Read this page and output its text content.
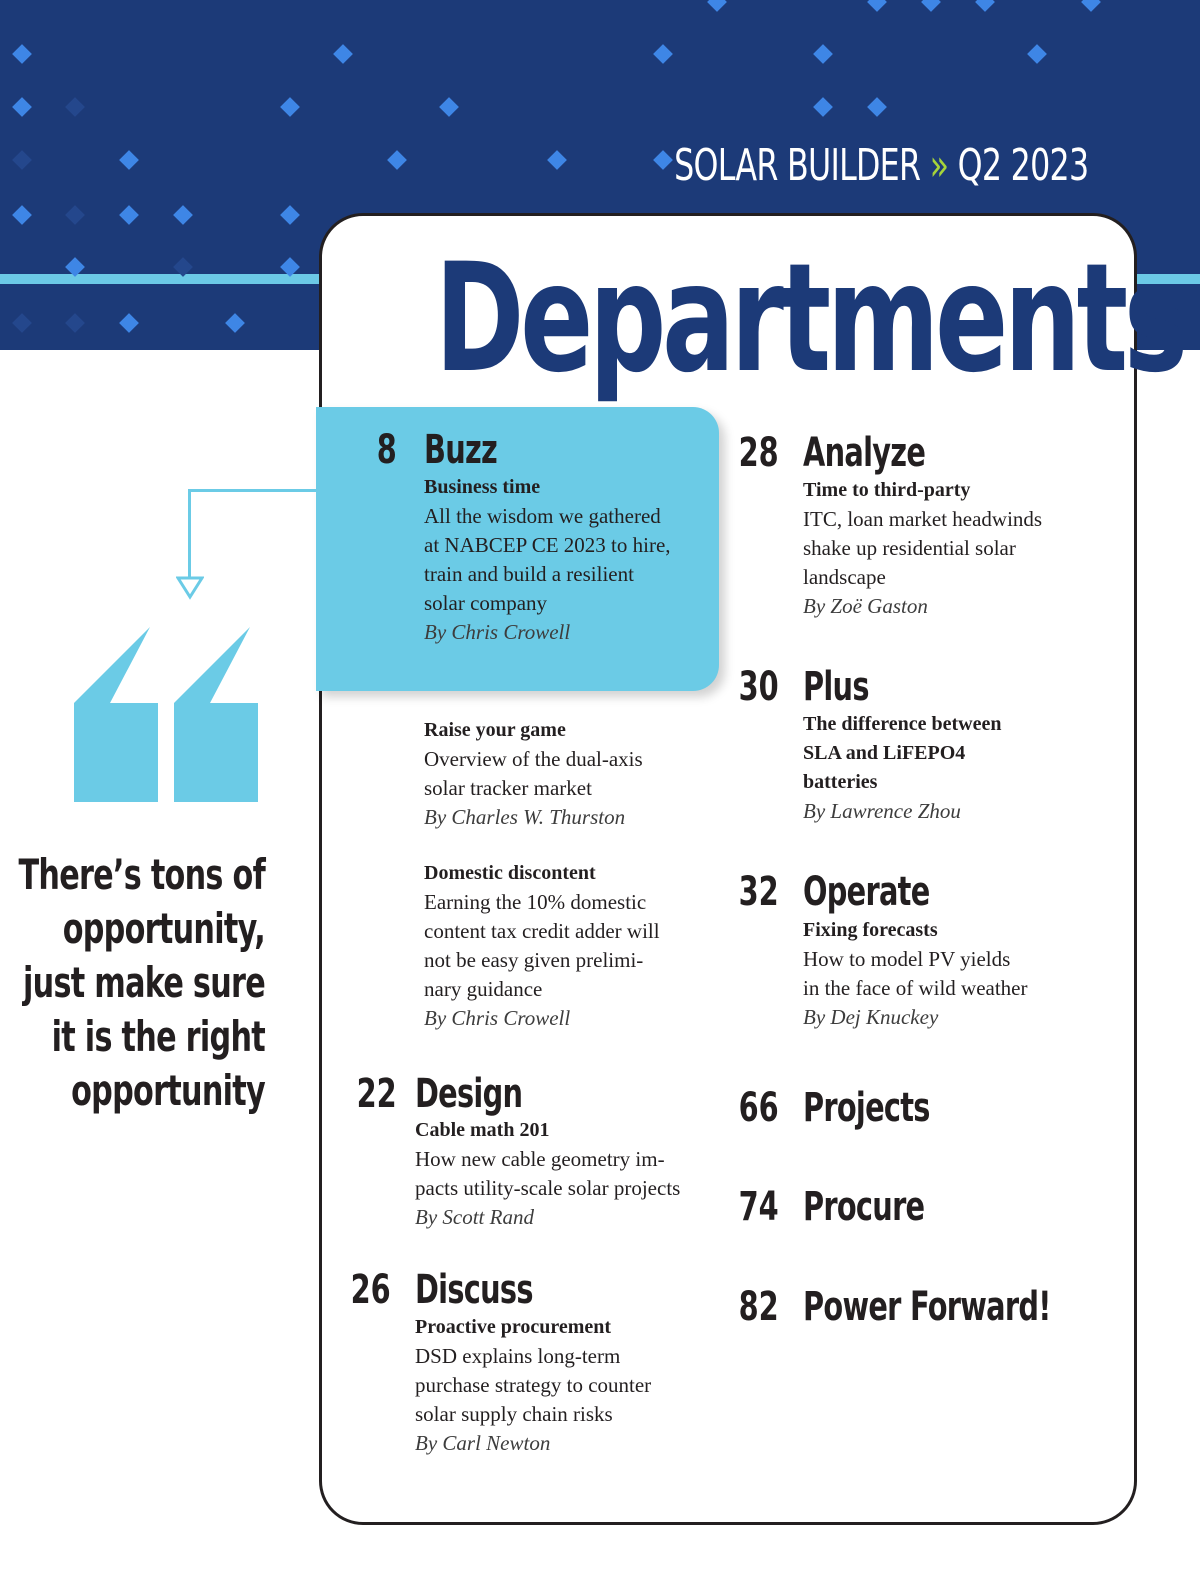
SOLAR BUILDER » Q2 2023
Departments
There’s tons of
opportunity,
just make sure
it is the right
opportunity
8 Buzz
Business time
All the wisdom we gathered
at NABCEP CE 2023 to hire,
train and build a resilient
solar company
By Chris Crowell
Raise your game
Overview of the dual-axis
solar tracker market
By Charles W. Thurston
Domestic discontent
Earning the 10% domestic
content tax credit adder will
not be easy given prelimi-
nary guidance
By Chris Crowell
22 Design
Cable math 201
How new cable geometry im-
pacts utility-scale solar projects
By Scott Rand
26 Discuss
Proactive procurement
DSD explains long-term
purchase strategy to counter
solar supply chain risks
By Carl Newton
28 Analyze
Time to third-party
ITC, loan market headwinds
shake up residential solar
landscape
By Zoë Gaston
30 Plus
The difference between
SLA and LiFEPO4
batteries
By Lawrence Zhou
32 Operate
Fixing forecasts
How to model PV yields
in the face of wild weather
By Dej Knuckey
66 Projects
74 Procure
82 Power Forward!
